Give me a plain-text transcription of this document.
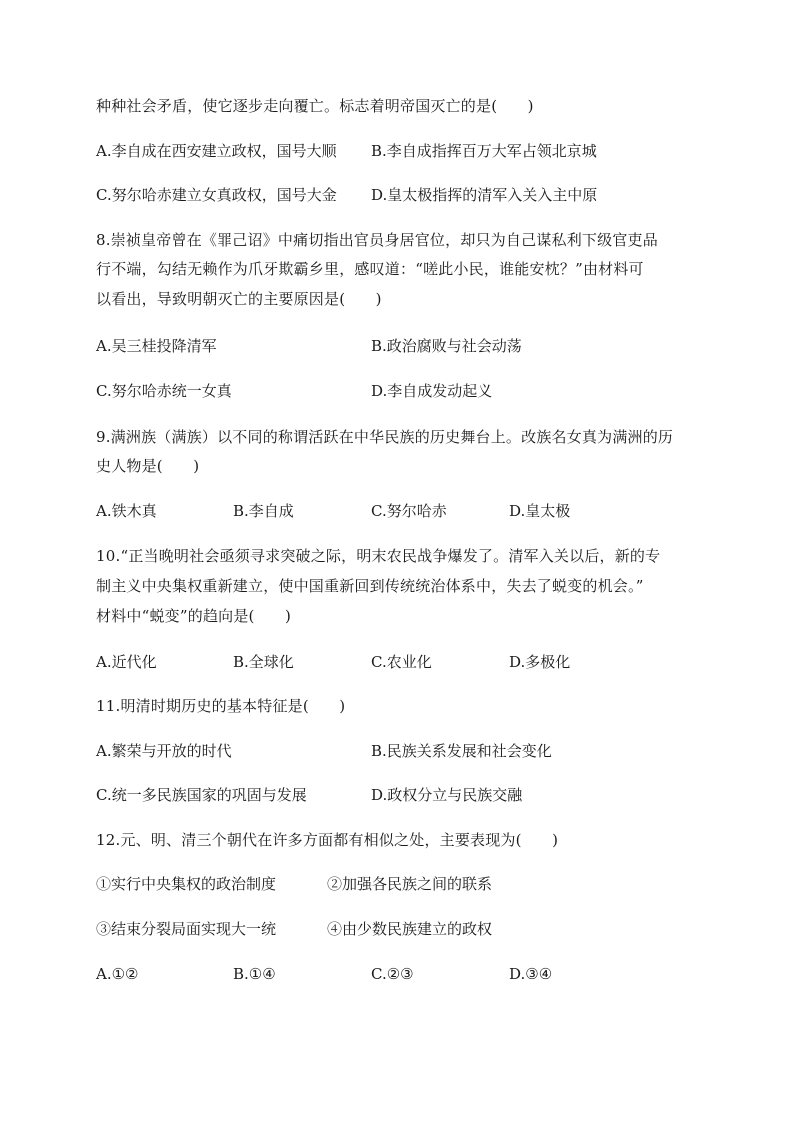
种种社会矛盾，使它逐步走向覆亡。标志着明帝国灭亡的是(　　)
A.李自成在西安建立政权，国号大顺 B.李自成指挥百万大军占领北京城
C.努尔哈赤建立女真政权，国号大金 D.皇太极指挥的清军入关入主中原
8.崇祯皇帝曾在《罪己诏》中痛切指出官员身居官位，却只为自己谋私利下级官吏品
行不端，勾结无赖作为爪牙欺霸乡里，感叹道：“嗟此小民，谁能安枕？”由材料可
以看出，导致明朝灭亡的主要原因是(　　)
A.吴三桂投降清军	B.政治腐败与社会动荡
C.努尔哈赤统一女真	D.李自成发动起义
9.满洲族（满族）以不同的称谓活跃在中华民族的历史舞台上。改族名女真为满洲的历
史人物是(　　)
A.铁木真	B.李自成	C.努尔哈赤	D.皇太极
10.“正当晚明社会亟须寻求突破之际，明末农民战争爆发了。清军入关以后，新的专
制主义中央集权重新建立，使中国重新回到传统统治体系中，失去了蜕变的机会。”
材料中“蜕变”的趋向是(　　)
A.近代化	B.全球化	C.农业化	D.多极化
11.明清时期历史的基本特征是(　　)
A.繁荣与开放的时代	B.民族关系发展和社会变化
C.统一多民族国家的巩固与发展	D.政权分立与民族交融
12.元、明、清三个朝代在许多方面都有相似之处，主要表现为(　　)
①实行中央集权的政治制度	②加强各民族之间的联系
③结束分裂局面实现大一统	④由少数民族建立的政权
A.①②	B.①④	C.②③	D.③④
